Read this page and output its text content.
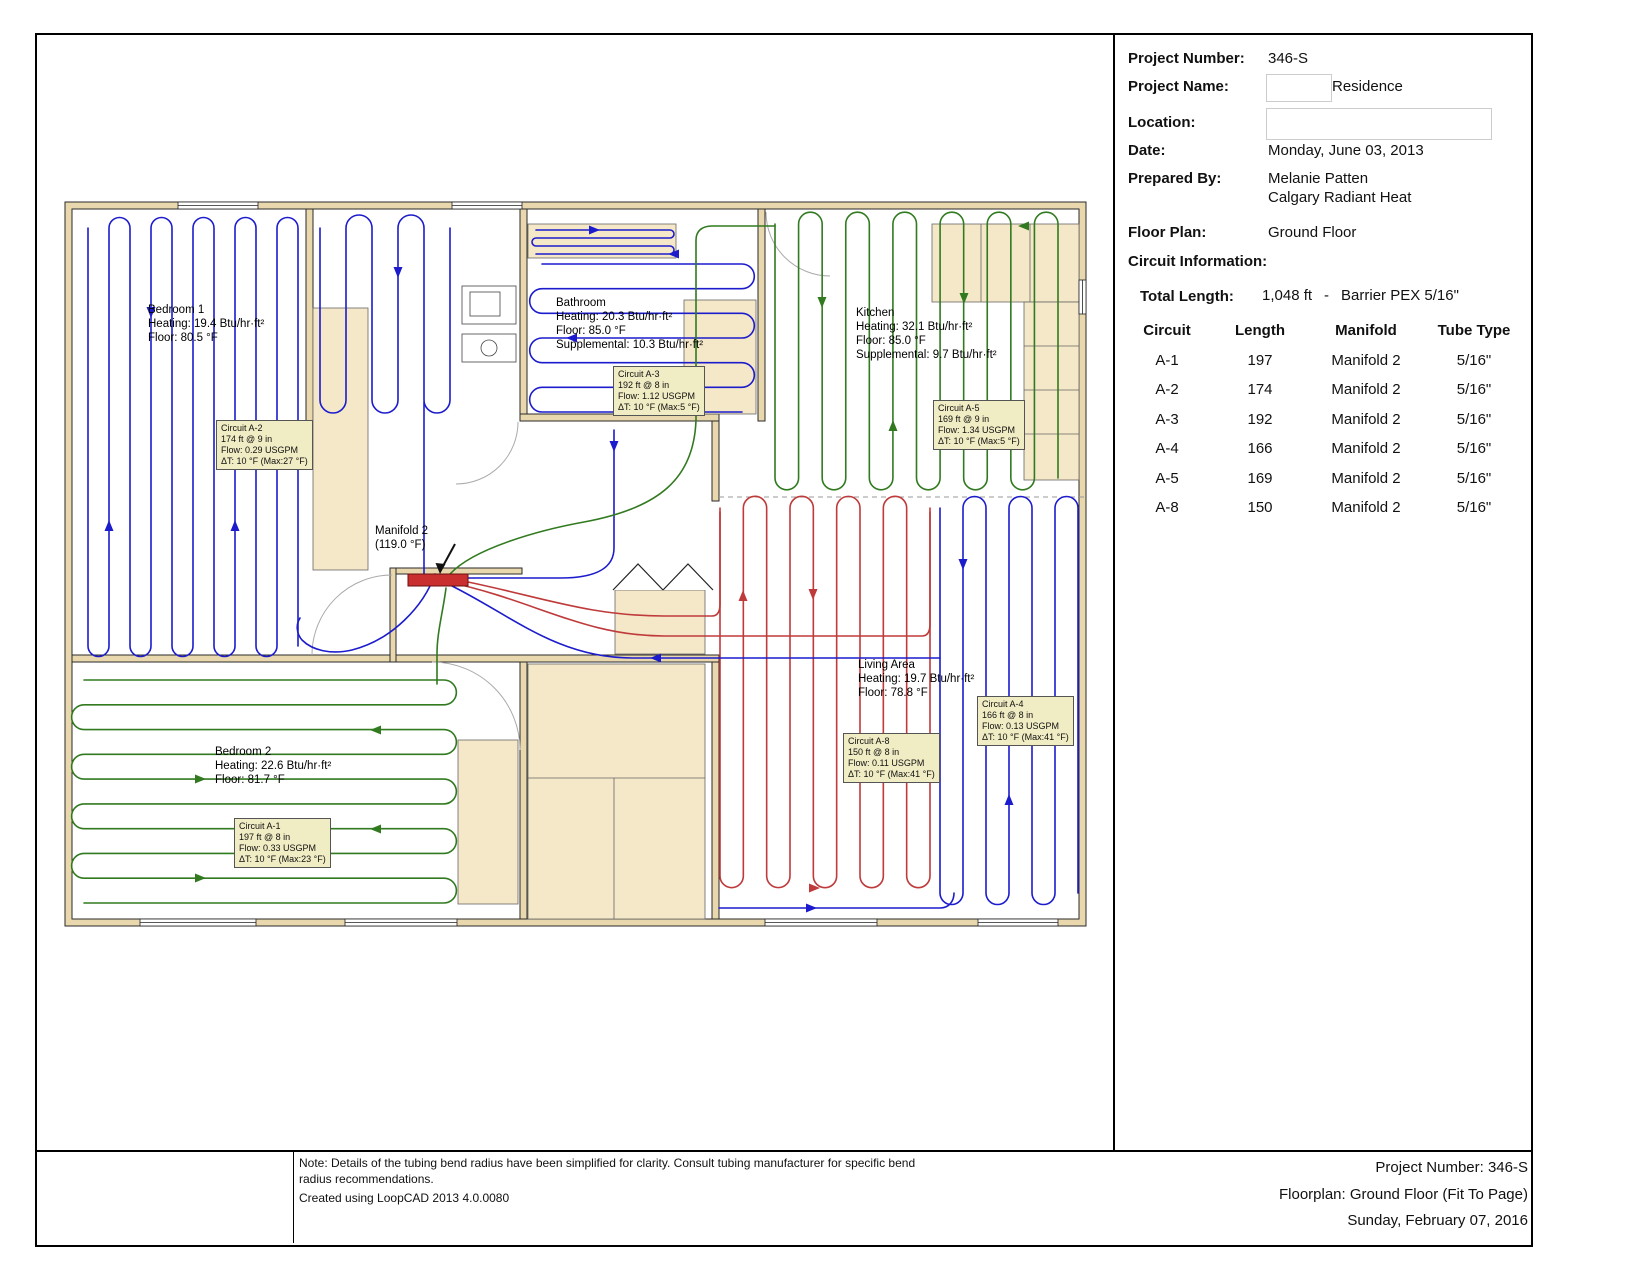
Bedroom 1
Heating: 19.4 Btu/hr·ft²
Floor: 80.5 °F
Bathroom
Heating: 20.3 Btu/hr·ft²
Floor: 85.0 °F
Supplemental: 10.3 Btu/hr·ft²
Kitchen
Heating: 32.1 Btu/hr·ft²
Floor: 85.0 °F
Supplemental: 9.7 Btu/hr·ft²
Living Area
Heating: 19.7 Btu/hr·ft²
Floor: 78.8 °F
Bedroom 2
Heating: 22.6 Btu/hr·ft²
Floor: 81.7 °F
Manifold 2
(119.0 °F)
Circuit A-2
174 ft @ 9 in
Flow: 0.29 USGPM
ΔT: 10 °F (Max:27 °F)
Circuit A-3
192 ft @ 8 in
Flow: 1.12 USGPM
ΔT: 10 °F (Max:5 °F)	Circuit A-5
169 ft @ 9 in
Flow: 1.34 USGPM
ΔT: 10 °F (Max:5 °F)
Circuit A-4
166 ft @ 8 in
Flow: 0.13 USGPM
ΔT: 10 °F (Max:41 °F)
Circuit A-8
150 ft @ 8 in
Flow: 0.11 USGPM
ΔT: 10 °F (Max:41 °F)
Circuit A-1
197 ft @ 8 in
Flow: 0.33 USGPM
ΔT: 10 °F (Max:23 °F)
Project Number: 346-S
Project Name:	Residence
Location:
Date:	Monday, June 03, 2013
Prepared By:	Melanie Patten
Calgary Radiant Heat
Floor Plan:	Ground Floor
Circuit Information:
Total Length: 1,048 ft - Barrier PEX 5/16"
Circuit	Length	Manifold	Tube Type
A-1	197	Manifold 2	5/16"
A-2	174	Manifold 2	5/16"
A-3	192	Manifold 2	5/16"
A-4	166	Manifold 2	5/16"
A-5	169	Manifold 2	5/16"
A-8	150	Manifold 2	5/16"
Note: Details of the tubing bend radius have been simplified for clarity. Consult tubing manufacturer for specific bend
radius recommendations.
Created using LoopCAD 2013 4.0.0080
Project Number: 346-S
Floorplan: Ground Floor (Fit To Page)
Sunday, February 07, 2016
